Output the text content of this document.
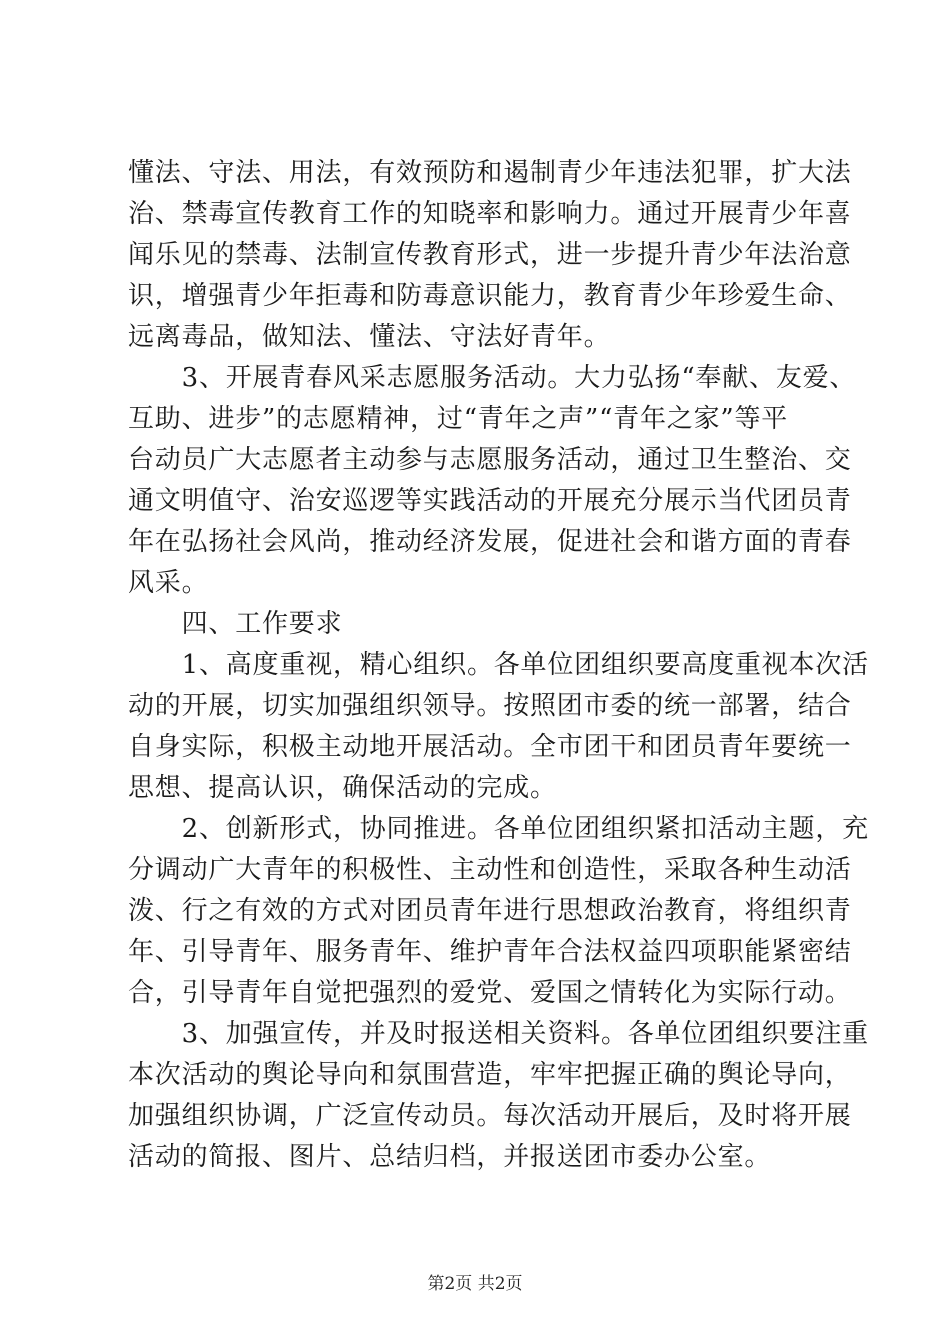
懂法、守法、用法，有效预防和遏制青少年违法犯罪，扩大法
治、禁毒宣传教育工作的知晓率和影响力。通过开展青少年喜
闻乐见的禁毒、法制宣传教育形式，进一步提升青少年法治意
识，增强青少年拒毒和防毒意识能力，教育青少年珍爱生命、
远离毒品，做知法、懂法、守法好青年。
　　3、开展青春风采志愿服务活动。大力弘扬“奉献、友爱、
互助、进步”的志愿精神，过“青年之声”“青年之家”等平
台动员广大志愿者主动参与志愿服务活动，通过卫生整治、交
通文明值守、治安巡逻等实践活动的开展充分展示当代团员青
年在弘扬社会风尚，推动经济发展，促进社会和谐方面的青春
风采。
　　四、工作要求
　　1、高度重视，精心组织。各单位团组织要高度重视本次活
动的开展，切实加强组织领导。按照团市委的统一部署，结合
自身实际，积极主动地开展活动。全市团干和团员青年要统一
思想、提高认识，确保活动的完成。
　　2、创新形式，协同推进。各单位团组织紧扣活动主题，充
分调动广大青年的积极性、主动性和创造性，采取各种生动活
泼、行之有效的方式对团员青年进行思想政治教育，将组织青
年、引导青年、服务青年、维护青年合法权益四项职能紧密结
合，引导青年自觉把强烈的爱党、爱国之情转化为实际行动。
　　3、加强宣传，并及时报送相关资料。各单位团组织要注重
本次活动的舆论导向和氛围营造，牢牢把握正确的舆论导向，
加强组织协调，广泛宣传动员。每次活动开展后，及时将开展
活动的简报、图片、总结归档，并报送团市委办公室。
第2页 共2页
